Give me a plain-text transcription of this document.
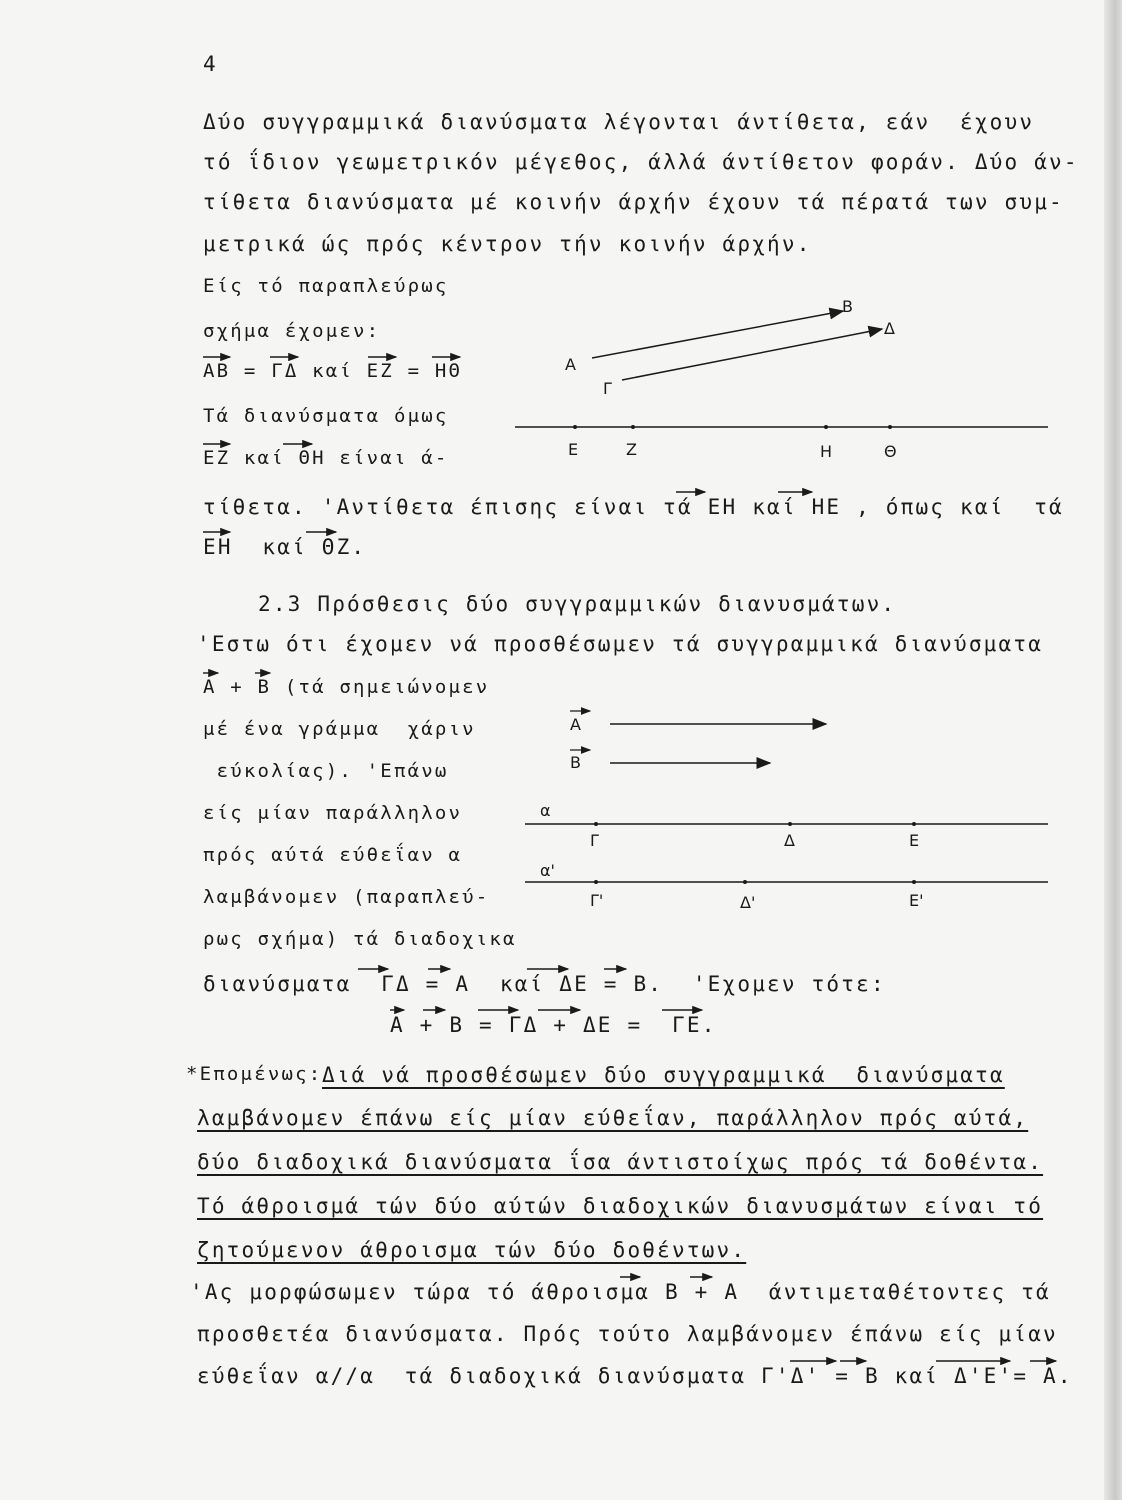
4
Δύο συγγραμμικά διανύσματα λέγονται άντίθετα, εάν  έχουν
τό ΐδιον γεωμετρικόν μέγεθος, άλλά άντίθετον φοράν. Δύο άν-
τίθετα διανύσματα μέ κοινήν άρχήν έχουν τά πέρατά των συμ-
μετρικά ώς πρός κέντρον τήν κοινήν άρχήν.
Είς τό παραπλεύρως
σχήμα έχομεν:
AB = ΓΔ καί EZ = HΘ
Τά διανύσματα όμως
EZ καί ΘH είναι ά-
τίθετα. 'Αντίθετα έπισης είναι τά EH καί HE , όπως καί  τά
EH  καί ΘZ.
2.3 Πρόσθεσις δύο συγγραμμικών διανυσμάτων.
'Εστω ότι έχομεν νά προσθέσωμεν τά συγγραμμικά διανύσματα
A + B (τά σημειώνομεν
μέ ένα γράμμα  χάριν
εύκολίας). 'Επάνω
είς μίαν παράλληλον
πρός αύτά εύθεΐαν α
λαμβάνομεν (παραπλεύ-
ρως σχήμα) τά διαδοχικα
διανύσματα  ΓΔ = A  καί ΔE = B.  'Εχομεν τότε:
A + B = ΓΔ + ΔE =  ΓE.
*Επομένως: Διά νά προσθέσωμεν δύο συγγραμμικά  διανύσματα
λαμβάνομεν έπάνω είς μίαν εύθεΐαν, παράλληλον πρός αύτά,
δύο διαδοχικά διανύσματα ΐσα άντιστοίχως πρός τά δοθέντα.
Τό άθροισμά τών δύο αύτών διαδοχικών διανυσμάτων είναι τό
ζητούμενον άθροισμα τών δύο δοθέντων.
'Ας μορφώσωμεν τώρα τό άθροισμα B + A  άντιμεταθέτοντες τά
προσθετέα διανύσματα. Πρός τούτο λαμβάνομεν έπάνω είς μίαν
εύθεΐαν α//α  τά διαδοχικά διανύσματα Γ'Δ' = B καί Δ'E'= A.
A
B
Γ
Δ
E	Z	H	Θ
A
B
α
Γ	Δ	E
α'
Γ'	Δ'	E'
